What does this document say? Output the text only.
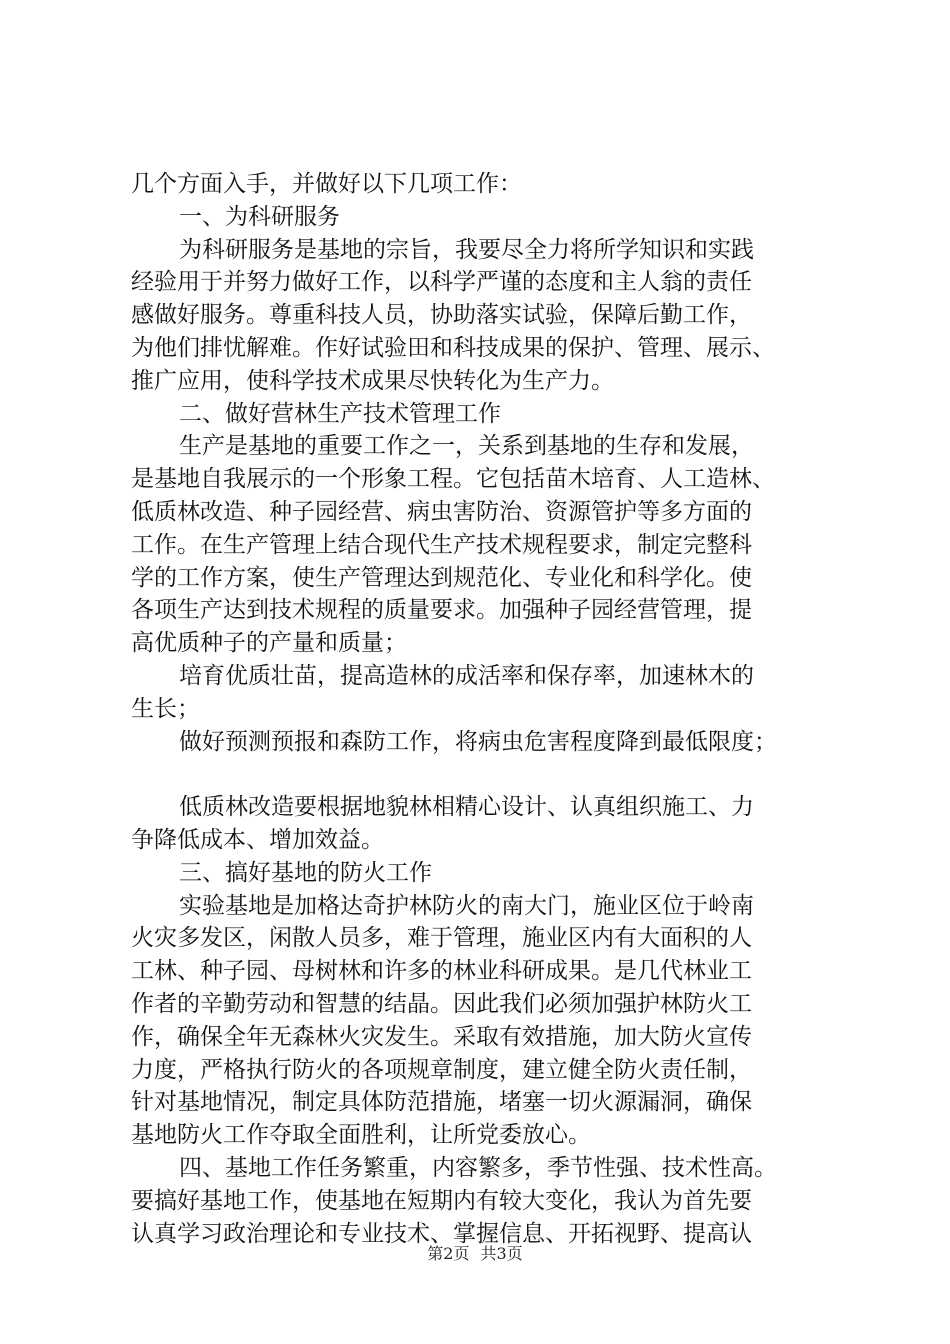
几个方面入手，并做好以下几项工作：
一、为科研服务
为科研服务是基地的宗旨，我要尽全力将所学知识和实践
经验用于并努力做好工作，以科学严谨的态度和主人翁的责任
感做好服务。尊重科技人员，协助落实试验，保障后勤工作，
为他们排忧解难。作好试验田和科技成果的保护、管理、展示、
推广应用，使科学技术成果尽快转化为生产力。
二、做好营林生产技术管理工作
生产是基地的重要工作之一，关系到基地的生存和发展，
是基地自我展示的一个形象工程。它包括苗木培育、人工造林、
低质林改造、种子园经营、病虫害防治、资源管护等多方面的
工作。在生产管理上结合现代生产技术规程要求，制定完整科
学的工作方案，使生产管理达到规范化、专业化和科学化。使
各项生产达到技术规程的质量要求。加强种子园经营管理，提
高优质种子的产量和质量；
培育优质壮苗，提高造林的成活率和保存率，加速林木的
生长；
做好预测预报和森防工作，将病虫危害程度降到最低限度；
低质林改造要根据地貌林相精心设计、认真组织施工、力
争降低成本、增加效益。
三、搞好基地的防火工作
实验基地是加格达奇护林防火的南大门，施业区位于岭南
火灾多发区，闲散人员多，难于管理，施业区内有大面积的人
工林、种子园、母树林和许多的林业科研成果。是几代林业工
作者的辛勤劳动和智慧的结晶。因此我们必须加强护林防火工
作，确保全年无森林火灾发生。采取有效措施，加大防火宣传
力度，严格执行防火的各项规章制度，建立健全防火责任制，
针对基地情况，制定具体防范措施，堵塞一切火源漏洞，确保
基地防火工作夺取全面胜利，让所党委放心。
四、基地工作任务繁重，内容繁多，季节性强、技术性高。
要搞好基地工作，使基地在短期内有较大变化，我认为首先要
认真学习政治理论和专业技术、掌握信息、开拓视野、提高认
第2页 共3页
